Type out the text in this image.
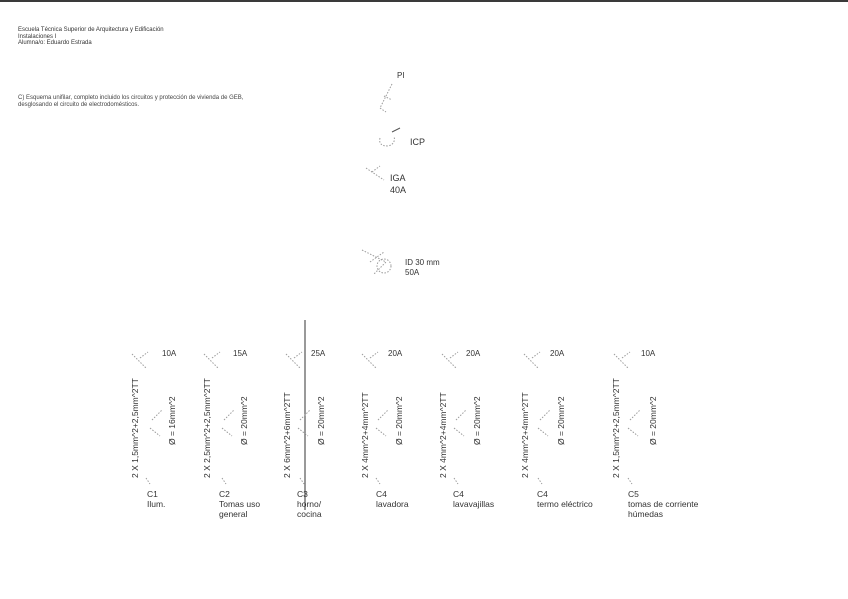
Escuela Técnica Superior de Arquitectura y Edificación
Instalaciones I
Alumna/o: Eduardo Estrada
C) Esquema unifilar, completo incluido los circuitos y protección de vivienda de GEB,
desglosando el circuito de electrodomésticos.
PI
ICP
IGA
40A
ID 30 mm
50A
10A
2 X 1,5mm^2+2,5mm^2TT	Ø = 16mm^2
C1
Ilum.
15A
2 X 2,5mm^2+2,5mm^2TT	Ø = 20mm^2
C2
Tomas uso
general
25A
2 X 6mm^2+6mm^2TT	Ø = 20mm^2
C3
horno/
cocina
20A
2 X 4mm^2+4mm^2TT	Ø = 20mm^2
C4
lavadora
20A
2 X 4mm^2+4mm^2TT	Ø = 20mm^2
C4
lavavajillas
20A
2 X 4mm^2+4mm^2TT	Ø = 20mm^2
C4
termo eléctrico
10A
2 X 1,5mm^2+2,5mm^2TT	Ø = 20mm^2
C5
tomas de corriente
húmedas
